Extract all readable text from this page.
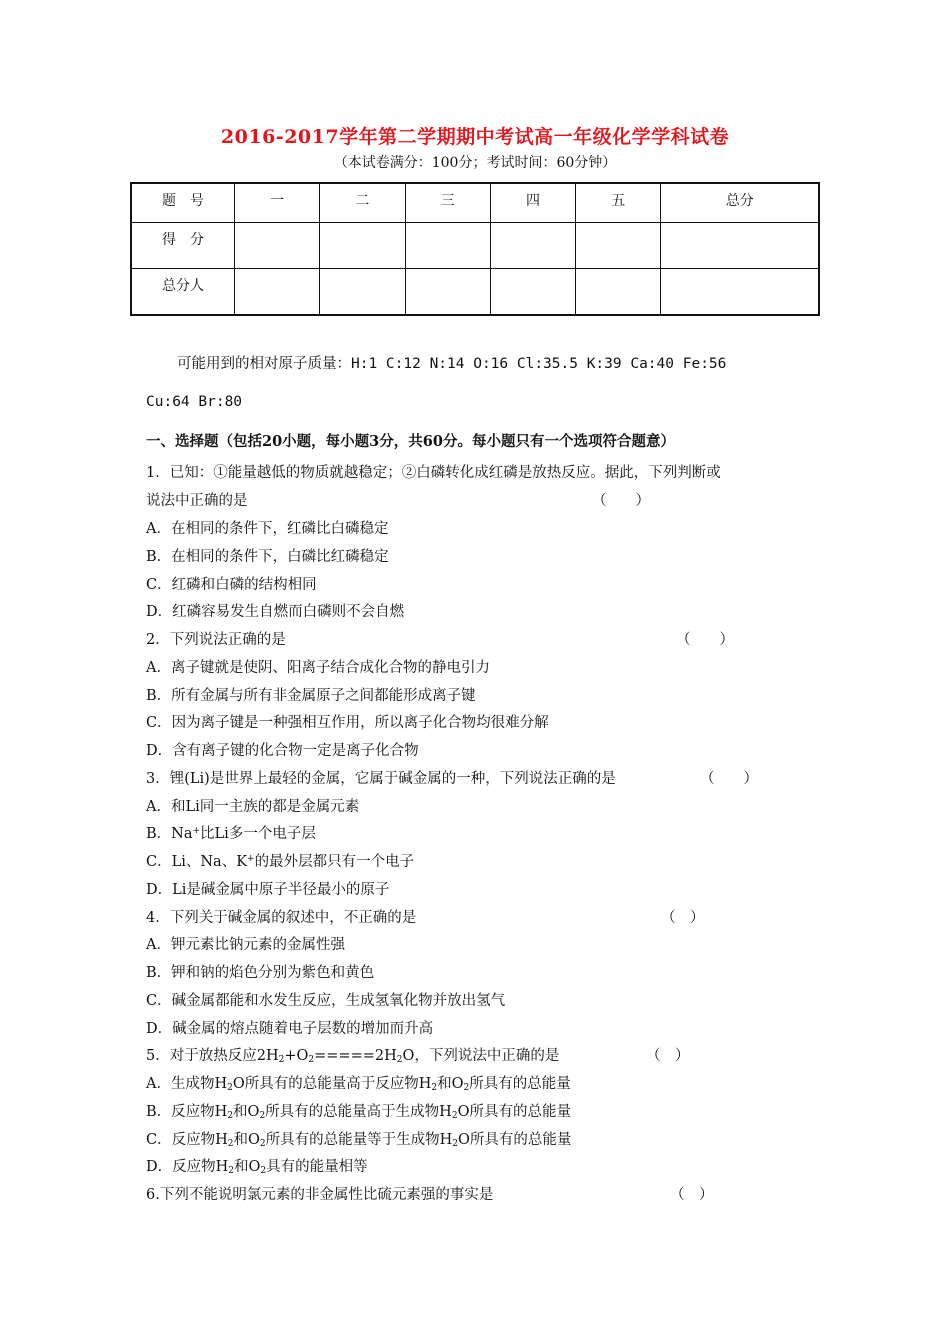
2016-2017学年第二学期期中考试高一年级化学学科试卷
（本试卷满分：100分；考试时间：60分钟）
题　号	一	二	三	四	五	总分
得　分						
总分人						
可能用到的相对原子质量：H:1 C:12 N:14 O:16 Cl:35.5 K:39 Ca:40 Fe:56
Cu:64 Br:80
一、选择题（包括20小题，每小题3分，共60分。每小题只有一个选项符合题意）
1．已知：①能量越低的物质就越稳定；②白磷转化成红磷是放热反应。据此，下列判断或
说法中正确的是	（　　）
A．在相同的条件下，红磷比白磷稳定
B．在相同的条件下，白磷比红磷稳定
C．红磷和白磷的结构相同
D．红磷容易发生自燃而白磷则不会自燃
2．下列说法正确的是	（　　）
A．离子键就是使阴、阳离子结合成化合物的静电引力
B．所有金属与所有非金属原子之间都能形成离子键
C．因为离子键是一种强相互作用，所以离子化合物均很难分解
D．含有离子键的化合物一定是离子化合物
3．锂(Li)是世界上最轻的金属，它属于碱金属的一种，下列说法正确的是	（　　）
A．和Li同一主族的都是金属元素
B．Na+比Li多一个电子层
C．Li、Na、K+的最外层都只有一个电子
D．Li是碱金属中原子半径最小的原子
4．下列关于碱金属的叙述中，不正确的是	（　）
A．钾元素比钠元素的金属性强
B．钾和钠的焰色分别为紫色和黄色
C．碱金属都能和水发生反应，生成氢氧化物并放出氢气
D．碱金属的熔点随着电子层数的增加而升高
5．对于放热反应$2H_2+O_2=====2H_2O$，下列说法中正确的是	（　）
A．生成物$H_2O$所具有的总能量高于反应物$H_2$和$O_2$所具有的总能量
B．反应物$H_2$和$O_2$所具有的总能量高于生成物$H_2O$所具有的总能量
C．反应物$H_2$和$O_2$所具有的总能量等于生成物$H_2O$所具有的总能量
D．反应物$H_2$和$O_2$具有的能量相等
6.下列不能说明氯元素的非金属性比硫元素强的事实是	（　）
